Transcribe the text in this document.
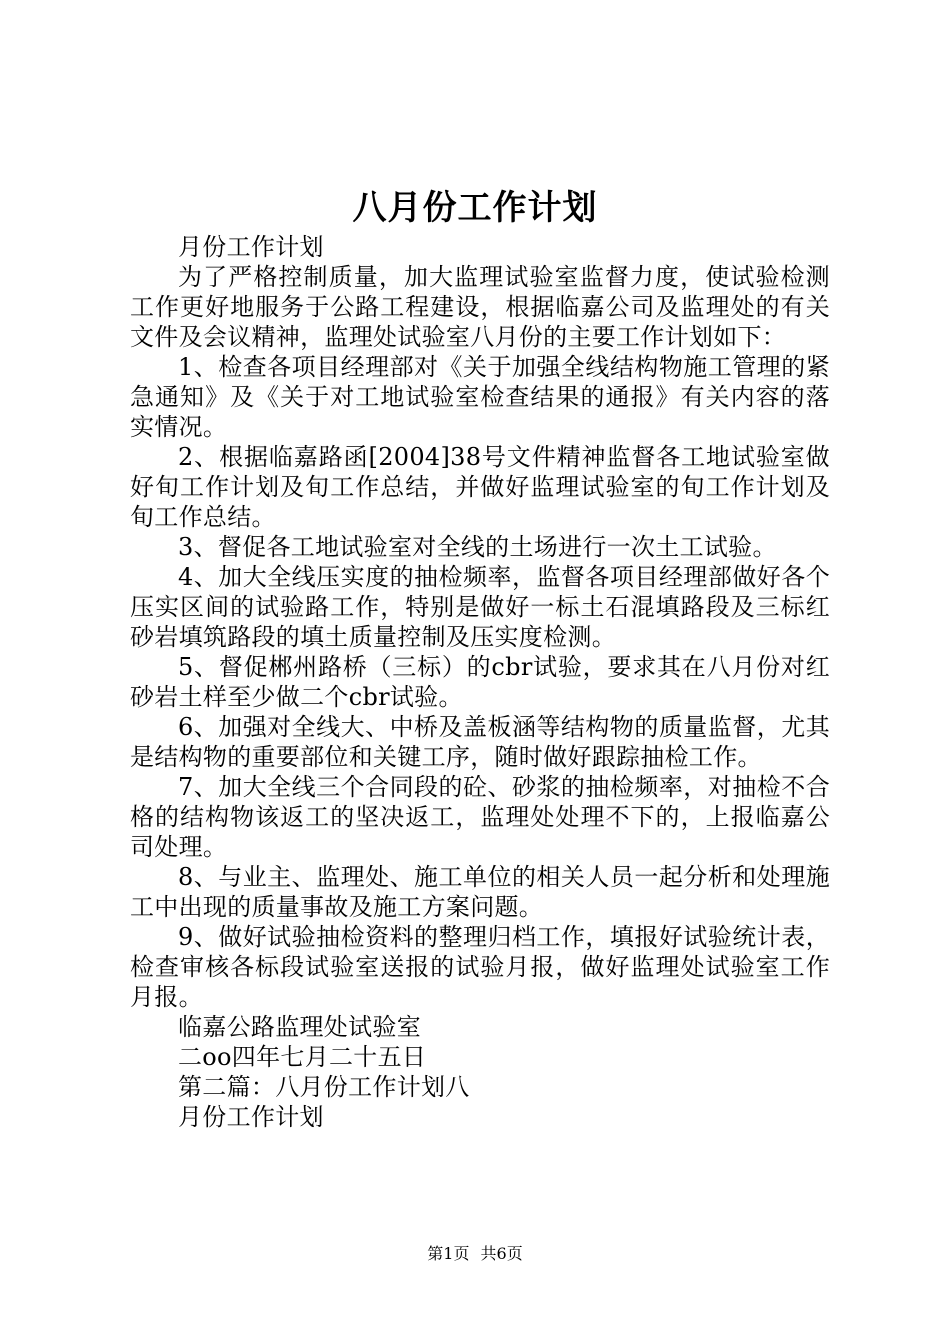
八月份工作计划

月份工作计划

为了严格控制质量，加大监理试验室监督力度，使试验检测工作更好地服务于公路工程建设，根据临嘉公司及监理处的有关文件及会议精神，监理处试验室八月份的主要工作计划如下：

1、检查各项目经理部对《关于加强全线结构物施工管理的紧急通知》及《关于对工地试验室检查结果的通报》有关内容的落实情况。

2、根据临嘉路函[2004]38号文件精神监督各工地试验室做好旬工作计划及旬工作总结，并做好监理试验室的旬工作计划及旬工作总结。

3、督促各工地试验室对全线的土场进行一次土工试验。

4、加大全线压实度的抽检频率，监督各项目经理部做好各个压实区间的试验路工作，特别是做好一标土石混填路段及三标红砂岩填筑路段的填土质量控制及压实度检测。

5、督促郴州路桥（三标）的cbr试验，要求其在八月份对红砂岩土样至少做二个cbr试验。

6、加强对全线大、中桥及盖板涵等结构物的质量监督，尤其是结构物的重要部位和关键工序，随时做好跟踪抽检工作。

7、加大全线三个合同段的砼、砂浆的抽检频率，对抽检不合格的结构物该返工的坚决返工，监理处处理不下的，上报临嘉公司处理。

8、与业主、监理处、施工单位的相关人员一起分析和处理施工中出现的质量事故及施工方案问题。

9、做好试验抽检资料的整理归档工作，填报好试验统计表，检查审核各标段试验室送报的试验月报，做好监理处试验室工作月报。

临嘉公路监理处试验室

二oo四年七月二十五日

第二篇：八月份工作计划八

月份工作计划

第1页 共6页
